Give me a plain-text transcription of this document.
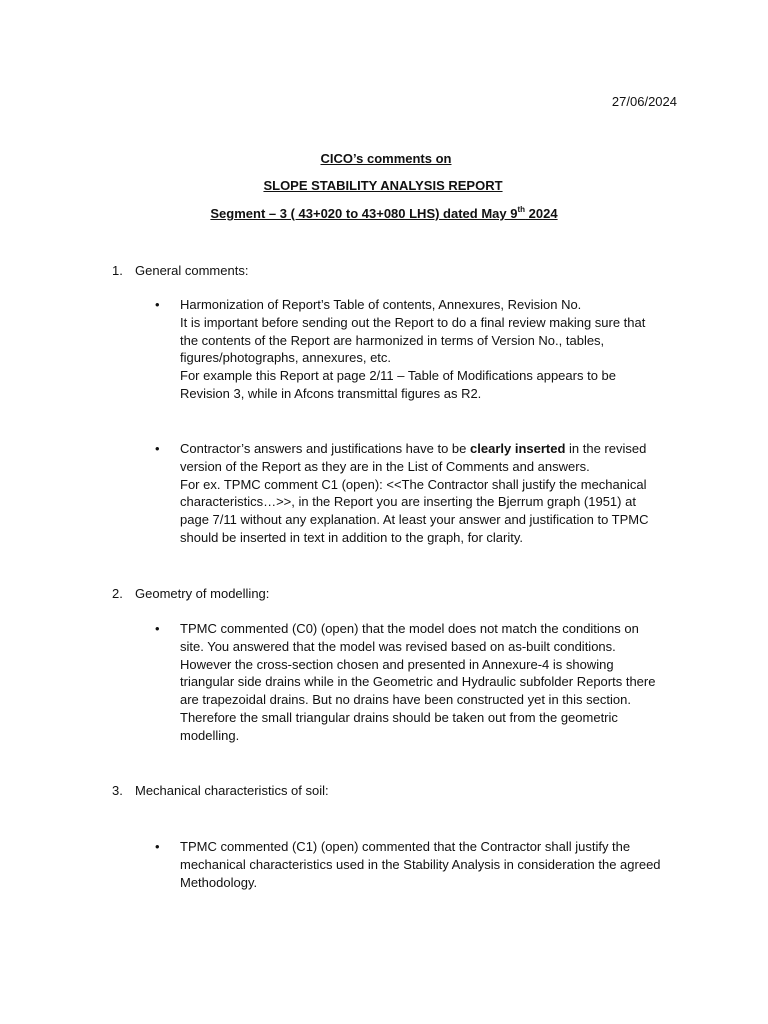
27/06/2024
CICO’s comments on
SLOPE STABILITY ANALYSIS REPORT
Segment – 3 ( 43+020 to 43+080 LHS) dated May 9th 2024
1. General comments:
• Harmonization of Report’s Table of contents, Annexures, Revision No.

It is important before sending out the Report to do a final review making sure that the contents of the Report are harmonized in terms of Version No., tables, figures/photographs, annexures, etc.

For example this Report at page 2/11 – Table of Modifications appears to be Revision 3, while in Afcons transmittal figures as R2.

• Contractor’s answers and justifications have to be clearly inserted in the revised version of the Report as they are in the List of Comments and answers.

For ex. TPMC comment C1 (open): <<The Contractor shall justify the mechanical characteristics…>>, in the Report you are inserting the Bjerrum graph (1951) at page 7/11 without any explanation. At least your answer and justification to TPMC should be inserted in text in addition to the graph, for clarity.

2. Geometry of modelling:
• TPMC commented (C0) (open) that the model does not match the conditions on site. You answered that the model was revised based on as-built conditions. However the cross-section chosen and presented in Annexure-4 is showing triangular side drains while in the Geometric and Hydraulic subfolder Reports there are trapezoidal drains. But no drains have been constructed yet in this section. Therefore the small triangular drains should be taken out from the geometric modelling.

3. Mechanical characteristics of soil:
• TPMC commented (C1) (open) commented that the Contractor shall justify the mechanical characteristics used in the Stability Analysis in consideration the agreed Methodology.
